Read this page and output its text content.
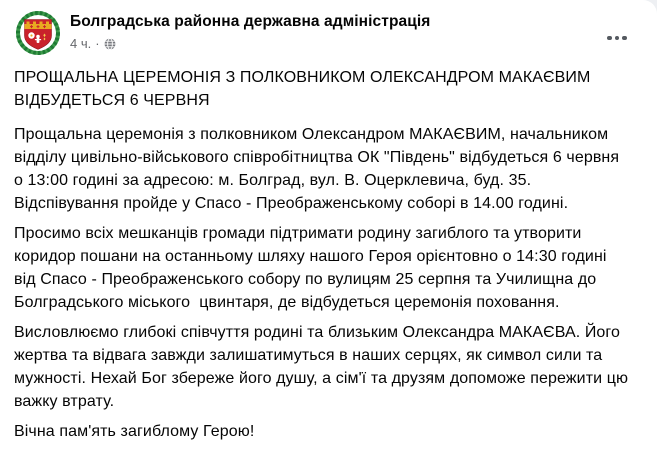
Болградська районна державна адміністрація
4 ч. ·

ПРОЩАЛЬНА ЦЕРЕМОНІЯ З ПОЛКОВНИКОМ ОЛЕКСАНДРОМ МАКАЄВИМ ВІДБУДЕТЬСЯ 6 ЧЕРВНЯ

Прощальна церемонія з полковником Олександром МАКАЄВИМ, начальником відділу цивільно-військового співробітництва ОК "Південь" відбудеться 6 червня о 13:00 годині за адресою: м. Болград, вул. В. Оцерклевича, буд. 35. Відспівування пройде у Спасо - Преображенському соборі в 14.00 годині.

Просимо всіх мешканців громади підтримати родину загиблого та утворити коридор пошани на останньому шляху нашого Героя орієнтовно о 14:30 годині від Спасо - Преображенського собору по вулицям 25 серпня та Училищна до Болградського міського  цвинтаря, де відбудеться церемонія поховання.

Висловлюємо глибокі співчуття родині та близьким Олександра МАКАЄВА. Його жертва та відвага завжди залишатимуться в наших серцях, як символ сили та мужності. Нехай Бог збереже його душу, а сім'ї та друзям допоможе пережити цю важку втрату.

Вічна пам'ять загиблому Герою!
